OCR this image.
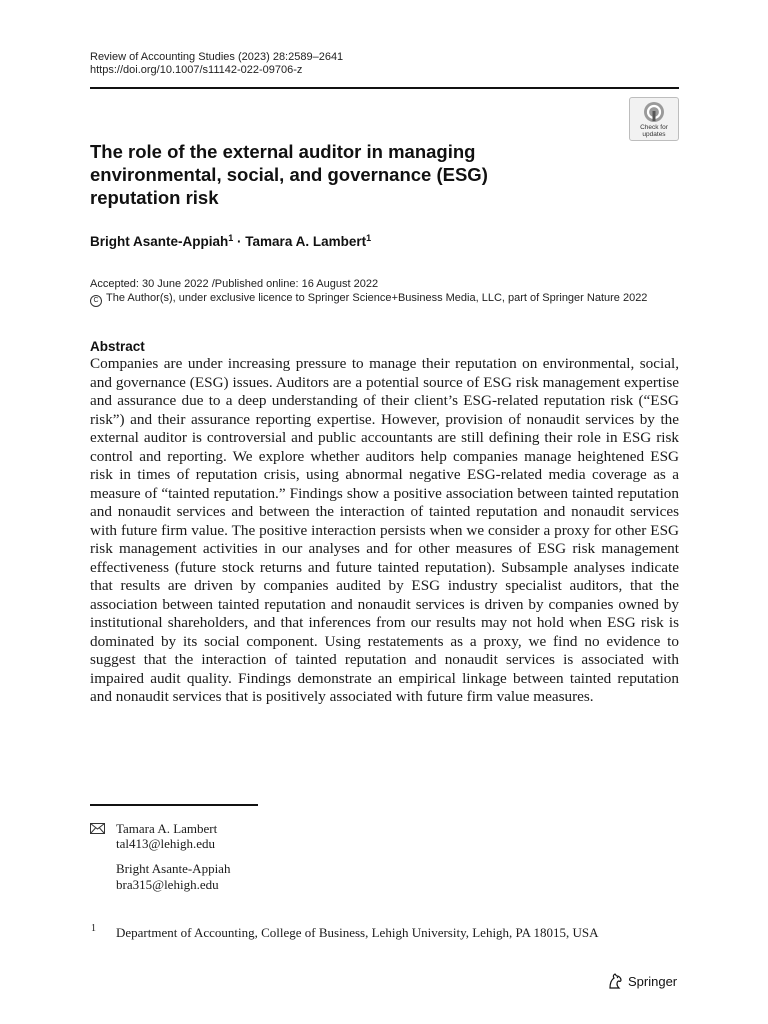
Review of Accounting Studies (2023) 28:2589–2641
https://doi.org/10.1007/s11142-022-09706-z
Check for
updates
The role of the external auditor in managing environmental, social, and governance (ESG) reputation risk
Bright Asante-Appiah$^1$ · Tamara A. Lambert$^1$
Accepted: 30 June 2022 /Published online: 16 August 2022
C The Author(s), under exclusive licence to Springer Science+Business Media, LLC, part of Springer Nature 2022
Abstract
Companies are under increasing pressure to manage their reputation on environmental, social, and governance (ESG) issues. Auditors are a potential source of ESG risk management expertise and assurance due to a deep understanding of their client’s ESG-related reputation risk (“ESG risk”) and their assurance reporting expertise. However, provision of nonaudit services by the external auditor is controversial and public accountants are still defining their role in ESG risk control and reporting. We explore whether auditors help companies manage heightened ESG risk in times of reputation crisis, using abnormal negative ESG-related media coverage as a measure of “tainted reputation.” Findings show a positive association between tainted reputation and nonaudit services and between the interaction of tainted reputation and nonaudit services with future firm value. The positive interaction persists when we consider a proxy for other ESG risk management activities in our analyses and for other measures of ESG risk management effectiveness (future stock returns and future tainted reputation). Subsample analyses indicate that results are driven by companies audited by ESG industry specialist auditors, that the association between tainted reputation and nonaudit services is driven by companies owned by institutional shareholders, and that inferences from our results may not hold when ESG risk is dominated by its social component. Using restatements as a proxy, we find no evidence to suggest that the interaction of tainted reputation and nonaudit services is associated with impaired audit quality. Findings demonstrate an empirical linkage between tainted reputation and nonaudit services that is positively associated with future firm value measures.
Tamara A. Lambert
tal413@lehigh.edu
Bright Asante-Appiah
bra315@lehigh.edu
1 Department of Accounting, College of Business, Lehigh University, Lehigh, PA 18015, USA
Springer
